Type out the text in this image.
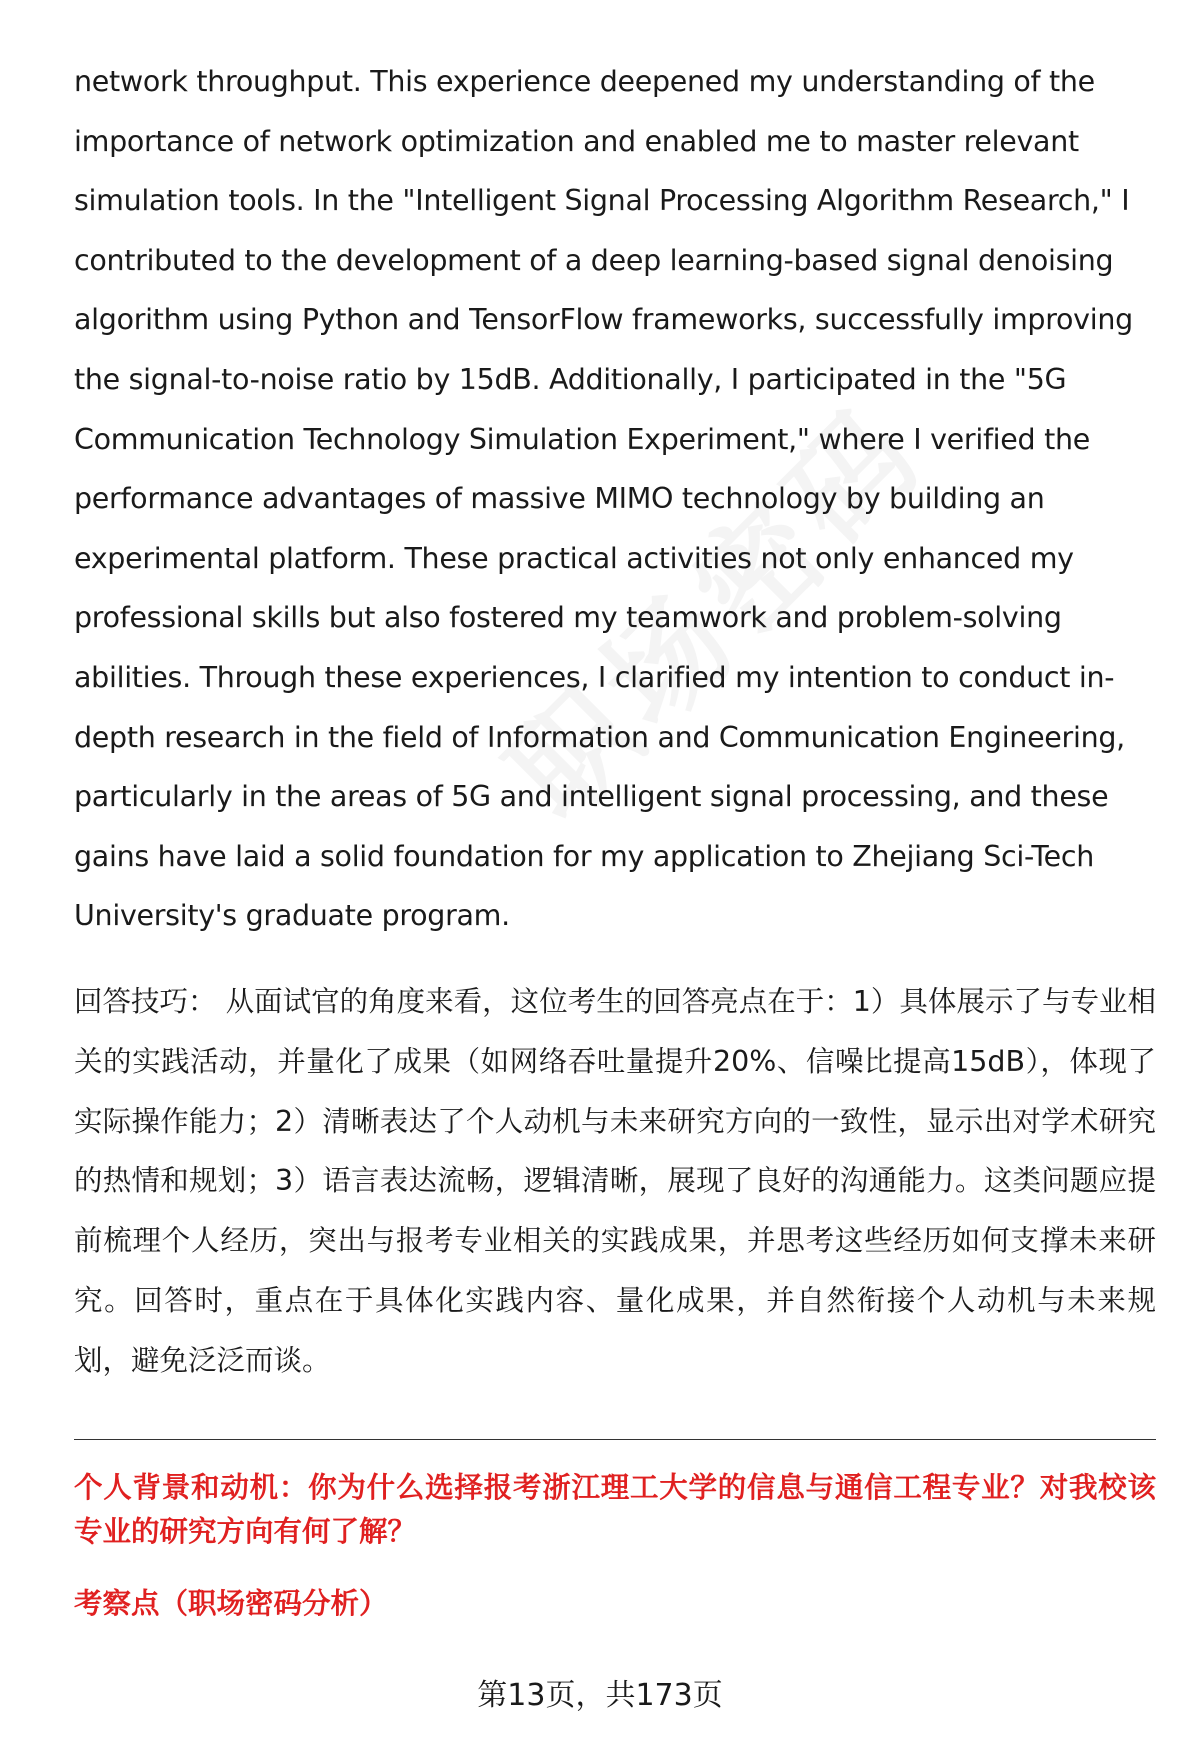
network throughput. This experience deepened my understanding of the importance of network optimization and enabled me to master relevant simulation tools. In the "Intelligent Signal Processing Algorithm Research," I contributed to the development of a deep learning-based signal denoising algorithm using Python and TensorFlow frameworks, successfully improving the signal-to-noise ratio by 15dB. Additionally, I participated in the "5G Communication Technology Simulation Experiment," where I verified the performance advantages of massive MIMO technology by building an experimental platform. These practical activities not only enhanced my professional skills but also fostered my teamwork and problem-solving abilities. Through these experiences, I clarified my intention to conduct in-depth research in the field of Information and Communication Engineering, particularly in the areas of 5G and intelligent signal processing, and these gains have laid a solid foundation for my application to Zhejiang Sci-Tech University's graduate program.

回答技巧： 从面试官的角度来看，这位考生的回答亮点在于：1）具体展示了与专业相关的实践活动，并量化了成果（如网络吞吐量提升20%、信噪比提高15dB），体现了实际操作能力；2）清晰表达了个人动机与未来研究方向的一致性，显示出对学术研究的热情和规划；3）语言表达流畅，逻辑清晰，展现了良好的沟通能力。这类问题应提前梳理个人经历，突出与报考专业相关的实践成果，并思考这些经历如何支撑未来研究。回答时，重点在于具体化实践内容、量化成果，并自然衔接个人动机与未来规划，避免泛泛而谈。

个人背景和动机：你为什么选择报考浙江理工大学的信息与通信工程专业？对我校该专业的研究方向有何了解？

考察点（职场密码分析）

第13页，共173页
